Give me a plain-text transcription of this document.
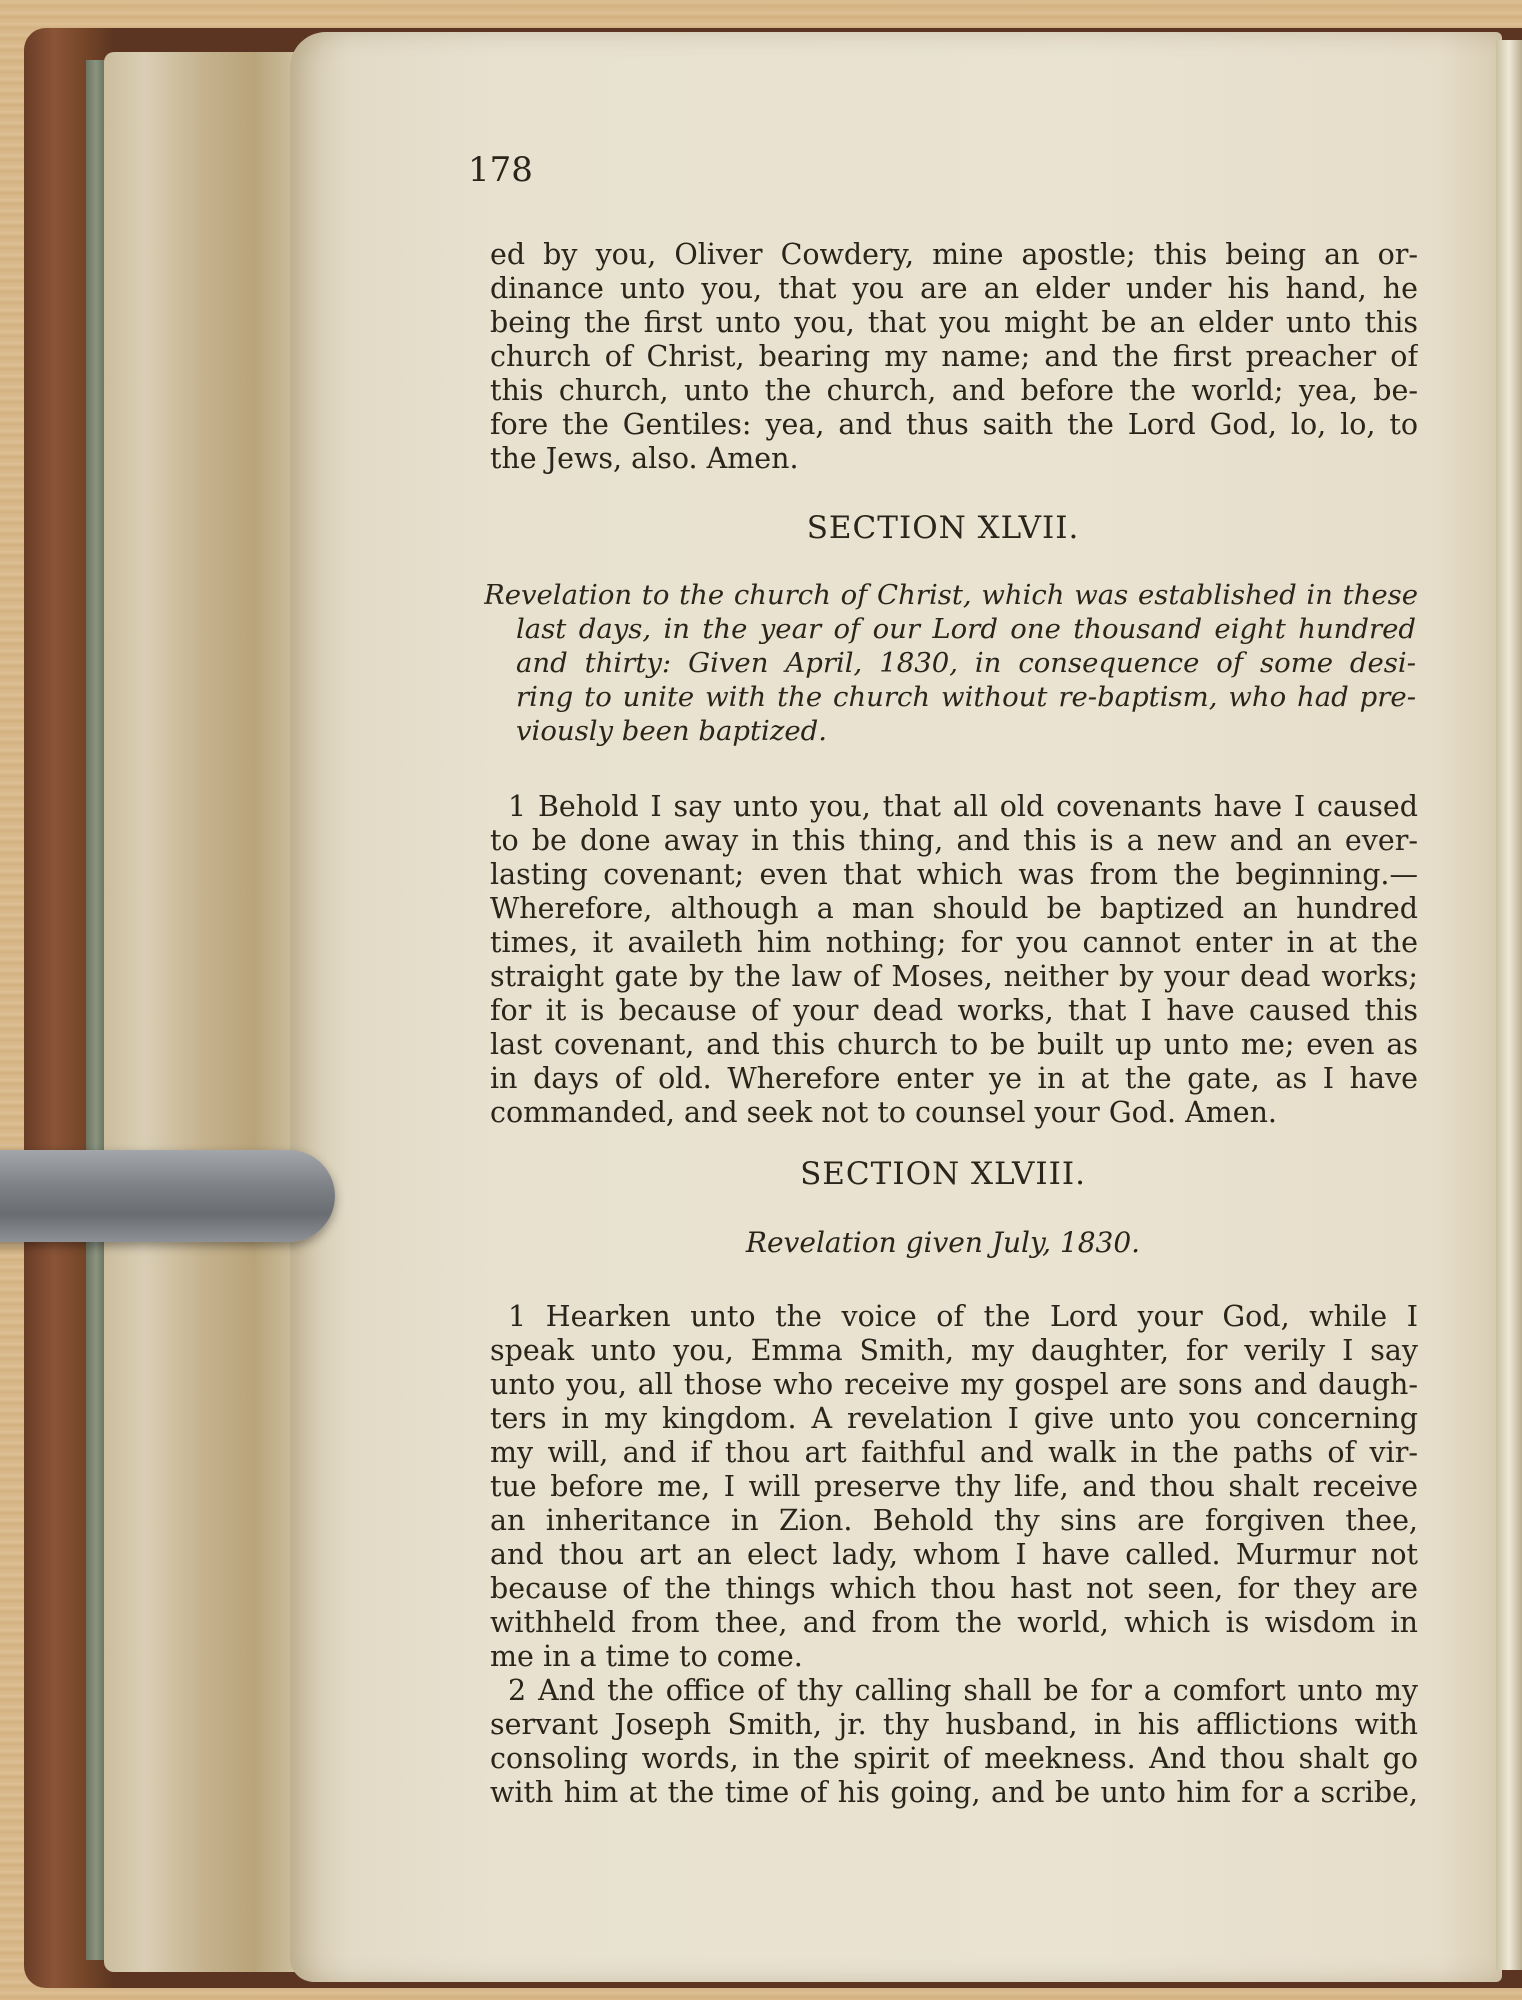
178
ed by you, Oliver Cowdery, mine apostle; this being an or-
dinance unto you, that you are an elder under his hand, he
being the first unto you, that you might be an elder unto this
church of Christ, bearing my name; and the first preacher of
this church, unto the church, and before the world; yea, be-
fore the Gentiles: yea, and thus saith the Lord God, lo, lo, to
the Jews, also. Amen.
SECTION XLVII.
Revelation to the church of Christ, which was established in these
last days, in the year of our Lord one thousand eight hundred
and thirty: Given April, 1830, in consequence of some desi-
ring to unite with the church without re-baptism, who had pre-
viously been baptized.
1 Behold I say unto you, that all old covenants have I caused
to be done away in this thing, and this is a new and an ever-
lasting covenant; even that which was from the beginning.—
Wherefore, although a man should be baptized an hundred
times, it availeth him nothing; for you cannot enter in at the
straight gate by the law of Moses, neither by your dead works;
for it is because of your dead works, that I have caused this
last covenant, and this church to be built up unto me; even as
in days of old. Wherefore enter ye in at the gate, as I have
commanded, and seek not to counsel your God. Amen.
SECTION XLVIII.
Revelation given July, 1830.
1 Hearken unto the voice of the Lord your God, while I
speak unto you, Emma Smith, my daughter, for verily I say
unto you, all those who receive my gospel are sons and daugh-
ters in my kingdom. A revelation I give unto you concerning
my will, and if thou art faithful and walk in the paths of vir-
tue before me, I will preserve thy life, and thou shalt receive
an inheritance in Zion. Behold thy sins are forgiven thee,
and thou art an elect lady, whom I have called. Murmur not
because of the things which thou hast not seen, for they are
withheld from thee, and from the world, which is wisdom in
me in a time to come.
2 And the office of thy calling shall be for a comfort unto my
servant Joseph Smith, jr. thy husband, in his afflictions with
consoling words, in the spirit of meekness. And thou shalt go
with him at the time of his going, and be unto him for a scribe,
